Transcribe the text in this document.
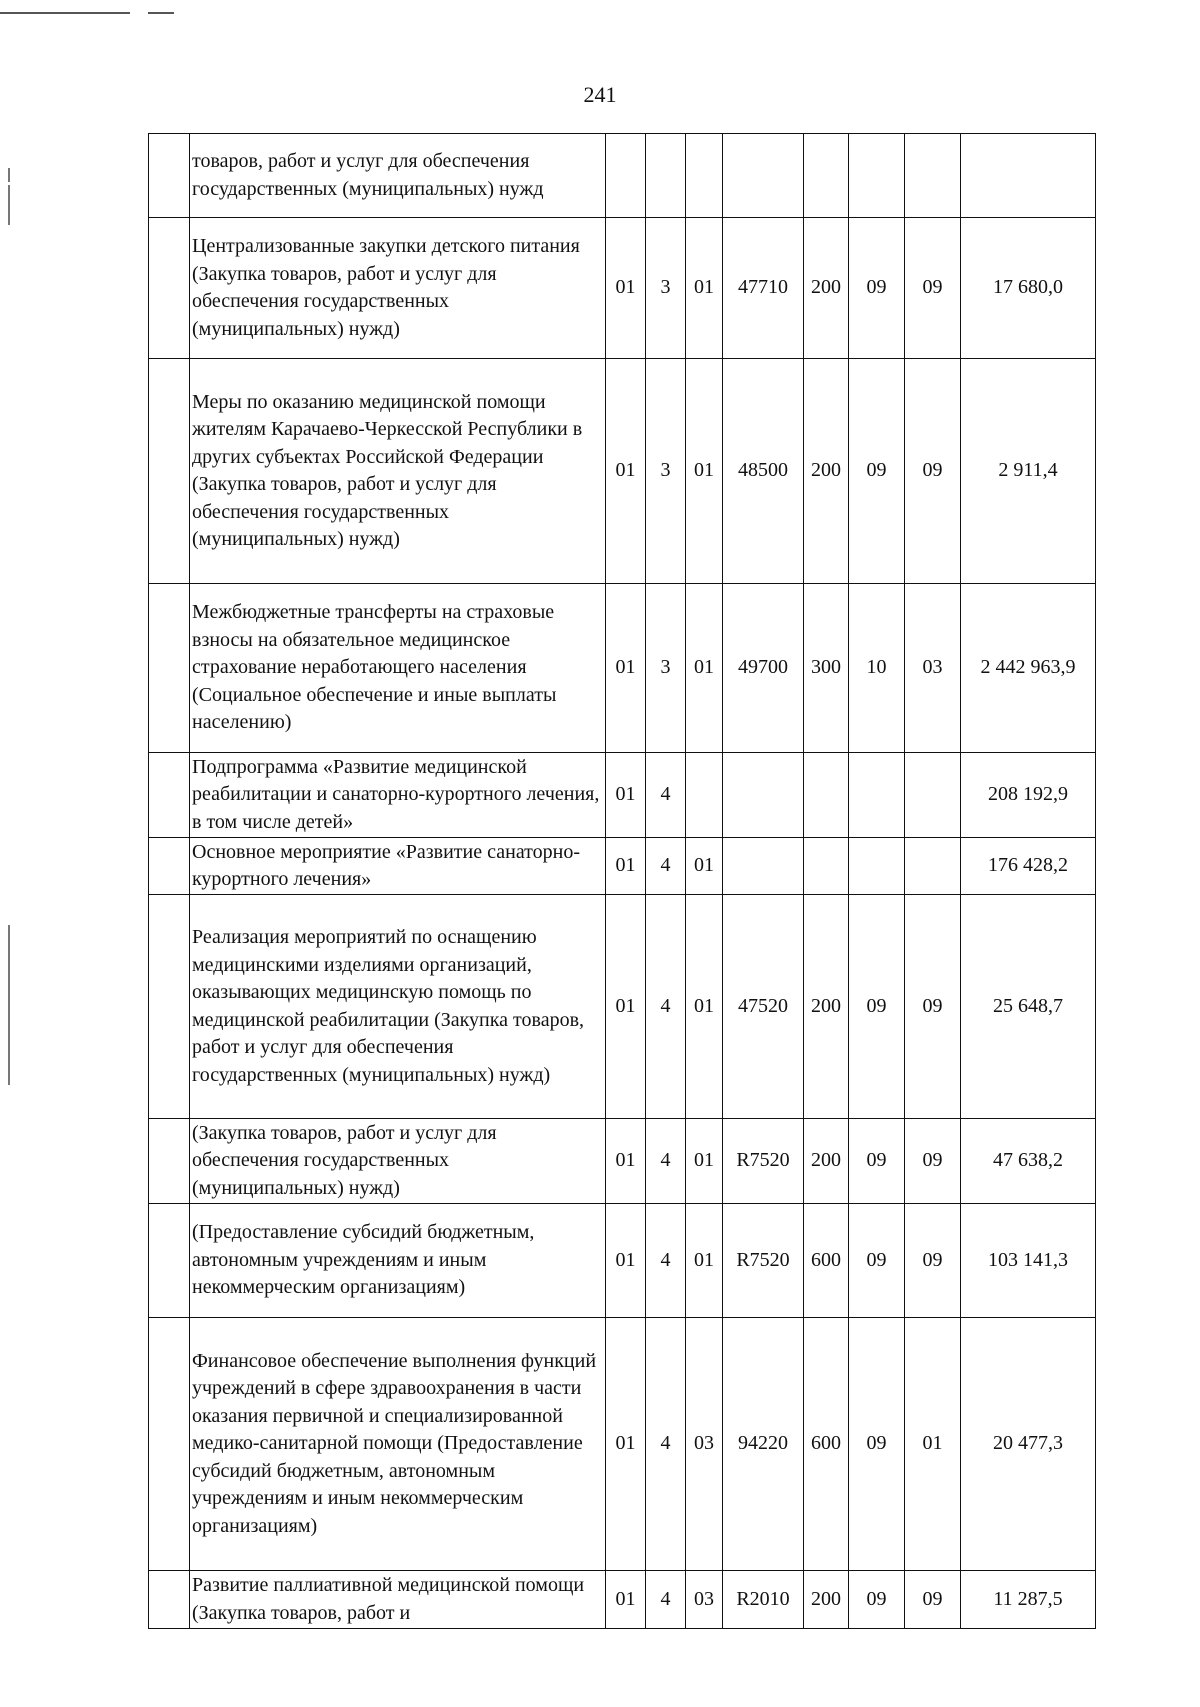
241
	товаров, работ и услуг для обеспечения государственных (муниципальных) нужд								
	Централизованные закупки детского питания (Закупка товаров, работ и услуг для обеспечения государственных (муниципальных) нужд)	01	3	01	47710	200	09	09	17 680,0
	Меры по оказанию медицинской помощи жителям Карачаево-Черкесской Республики в других субъектах Российской Федерации (Закупка товаров, работ и услуг для обеспечения государственных (муниципальных) нужд)	01	3	01	48500	200	09	09	2 911,4
	Межбюджетные трансферты на страховые взносы на обязательное медицинское страхование неработающего населения (Социальное обеспечение и иные выплаты населению)	01	3	01	49700	300	10	03	2 442 963,9
	Подпрограмма «Развитие медицинской реабилитации и санаторно-курортного лечения, в том числе детей»	01	4						208 192,9
	Основное мероприятие «Развитие санаторно-курортного лечения»	01	4	01					176 428,2
	Реализация мероприятий по оснащению медицинскими изделиями организаций, оказывающих медицинскую помощь по медицинской реабилитации (Закупка товаров, работ и услуг для обеспечения государственных (муниципальных) нужд)	01	4	01	47520	200	09	09	25 648,7
	(Закупка товаров, работ и услуг для обеспечения государственных (муниципальных) нужд)	01	4	01	R7520	200	09	09	47 638,2
	(Предоставление субсидий бюджетным, автономным учреждениям и иным некоммерческим организациям)	01	4	01	R7520	600	09	09	103 141,3
	Финансовое обеспечение выполнения функций учреждений в сфере здравоохранения в части оказания первичной и специализированной медико-санитарной помощи (Предоставление субсидий бюджетным, автономным учреждениям и иным некоммерческим организациям)	01	4	03	94220	600	09	01	20 477,3
	Развитие паллиативной медицинской помощи (Закупка товаров, работ и	01	4	03	R2010	200	09	09	11 287,5
